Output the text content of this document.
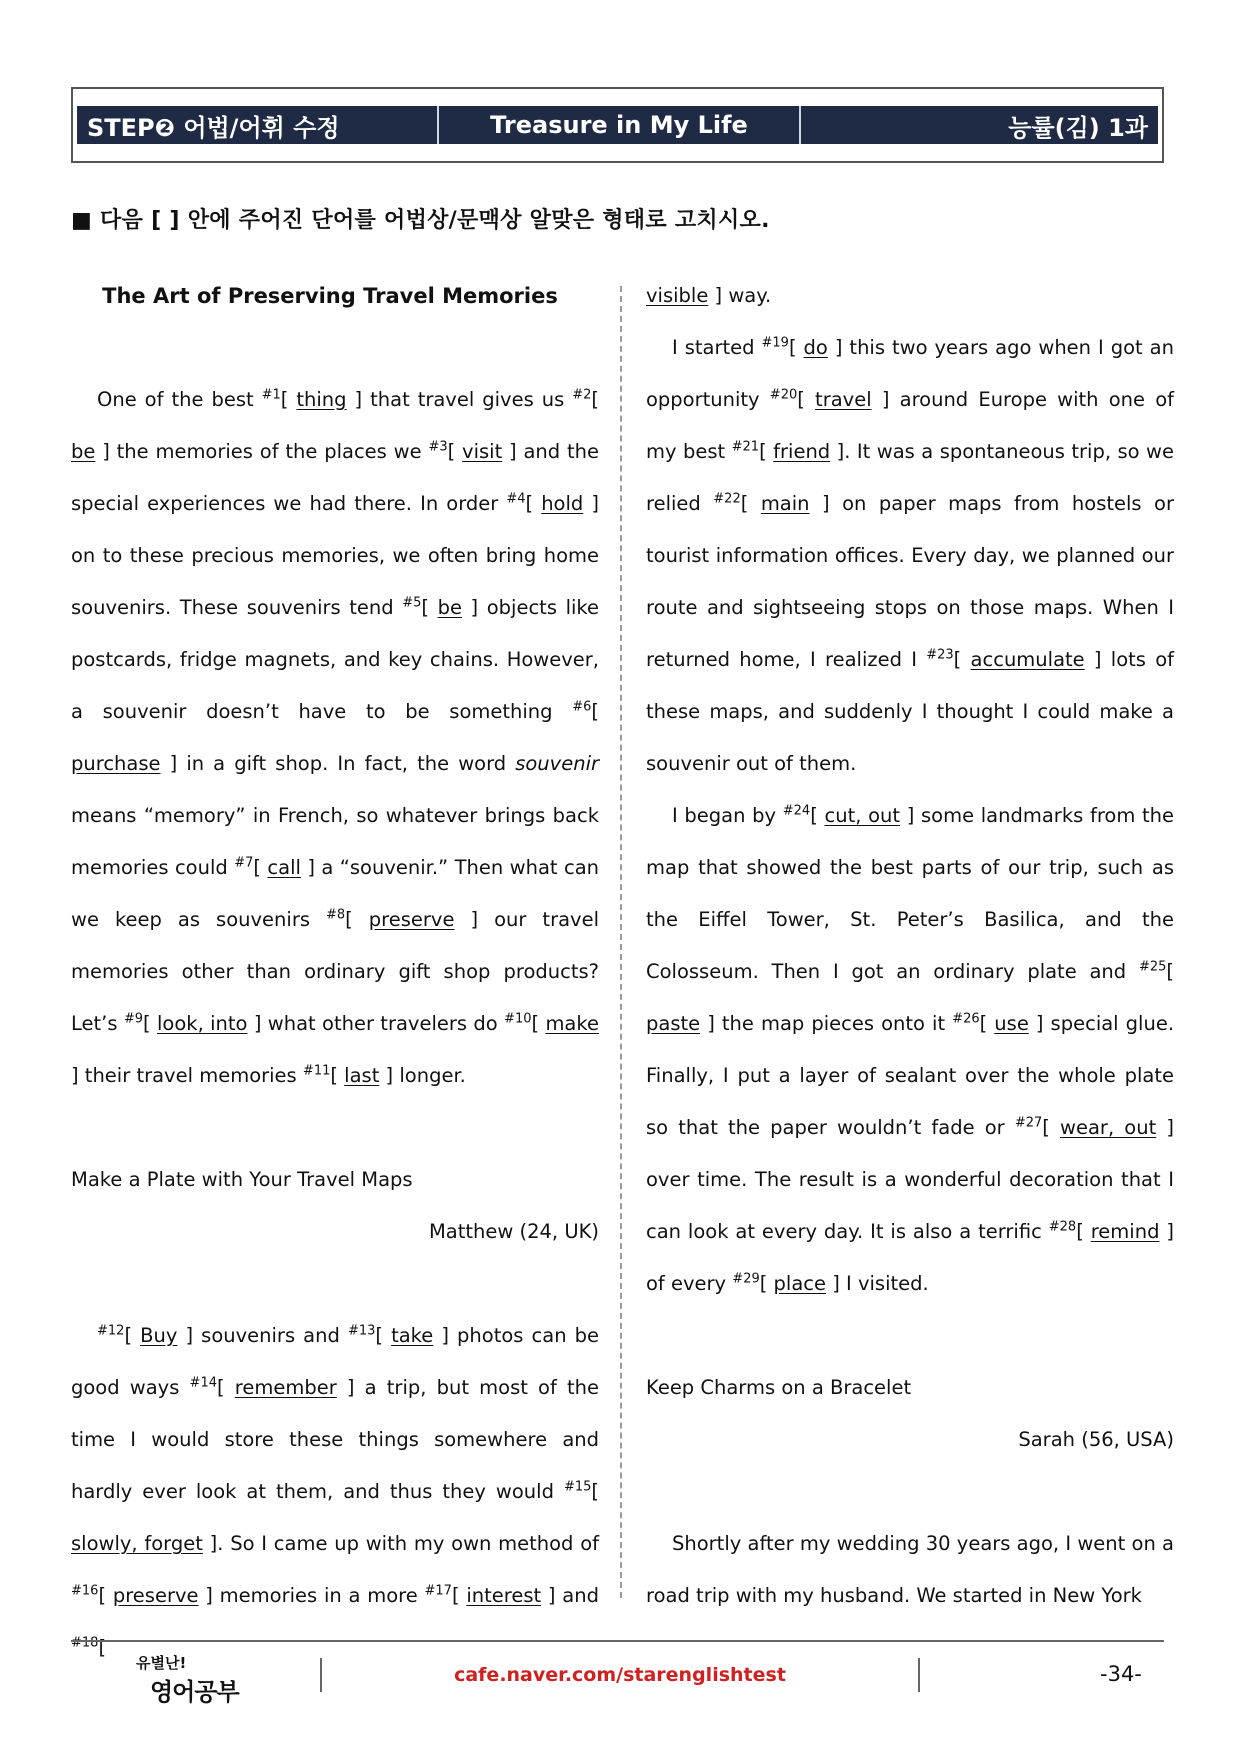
STEP❷ 어법/어휘 수정	Treasure in My Life	능률(김) 1과
■ 다음 [ ] 안에 주어진 단어를 어법상/문맥상 알맞은 형태로 고치시오.

The Art of Preserving Travel Memories

One of the best $^{\#1}$[ thing ] that travel gives us $^{\#2}$[ be ] the memories of the places we $^{\#3}$[ visit ] and the special experiences we had there. In order $^{\#4}$[ hold ] on to these precious memories, we often bring home souvenirs. These souvenirs tend $^{\#5}$[ be ] objects like postcards, fridge magnets, and key chains. However, a souvenir doesn’t have to be something $^{\#6}$[ purchase ] in a gift shop. In fact, the word souvenir means “memory” in French, so whatever brings back memories could $^{\#7}$[ call ] a “souvenir.” Then what can we keep as souvenirs $^{\#8}$[ preserve ] our travel memories other than ordinary gift shop products? Let’s $^{\#9}$[ look, into ] what other travelers do $^{\#10}$[ make ] their travel memories $^{\#11}$[ last ] longer.

Make a Plate with Your Travel Maps

Matthew (24, UK)

$^{\#12}$[ Buy ] souvenirs and $^{\#13}$[ take ] photos can be good ways $^{\#14}$[ remember ] a trip, but most of the time I would store these things somewhere and hardly ever look at them, and thus they would $^{\#15}$[ slowly, forget ]. So I came up with my own method of $^{\#16}$[ preserve ] memories in a more $^{\#17}$[ interest ] and $^{\#18}$[

visible ] way.

I started $^{\#19}$[ do ] this two years ago when I got an opportunity $^{\#20}$[ travel ] around Europe with one of my best $^{\#21}$[ friend ]. It was a spontaneous trip, so we relied $^{\#22}$[ main ] on paper maps from hostels or tourist information offices. Every day, we planned our route and sightseeing stops on those maps. When I returned home, I realized I $^{\#23}$[ accumulate ] lots of these maps, and suddenly I thought I could make a souvenir out of them.

I began by $^{\#24}$[ cut, out ] some landmarks from the map that showed the best parts of our trip, such as the Eiffel Tower, St. Peter’s Basilica, and the Colosseum. Then I got an ordinary plate and $^{\#25}$[ paste ] the map pieces onto it $^{\#26}$[ use ] special glue. Finally, I put a layer of sealant over the whole plate so that the paper wouldn’t fade or $^{\#27}$[ wear, out ] over time. The result is a wonderful decoration that I can look at every day. It is also a terrific $^{\#28}$[ remind ] of every $^{\#29}$[ place ] I visited.

Keep Charms on a Bracelet

Sarah (56, USA)

Shortly after my wedding 30 years ago, I went on a road trip with my husband. We started in New York

유별난!
영어공부
cafe.naver.com/starenglishtest	-34-
